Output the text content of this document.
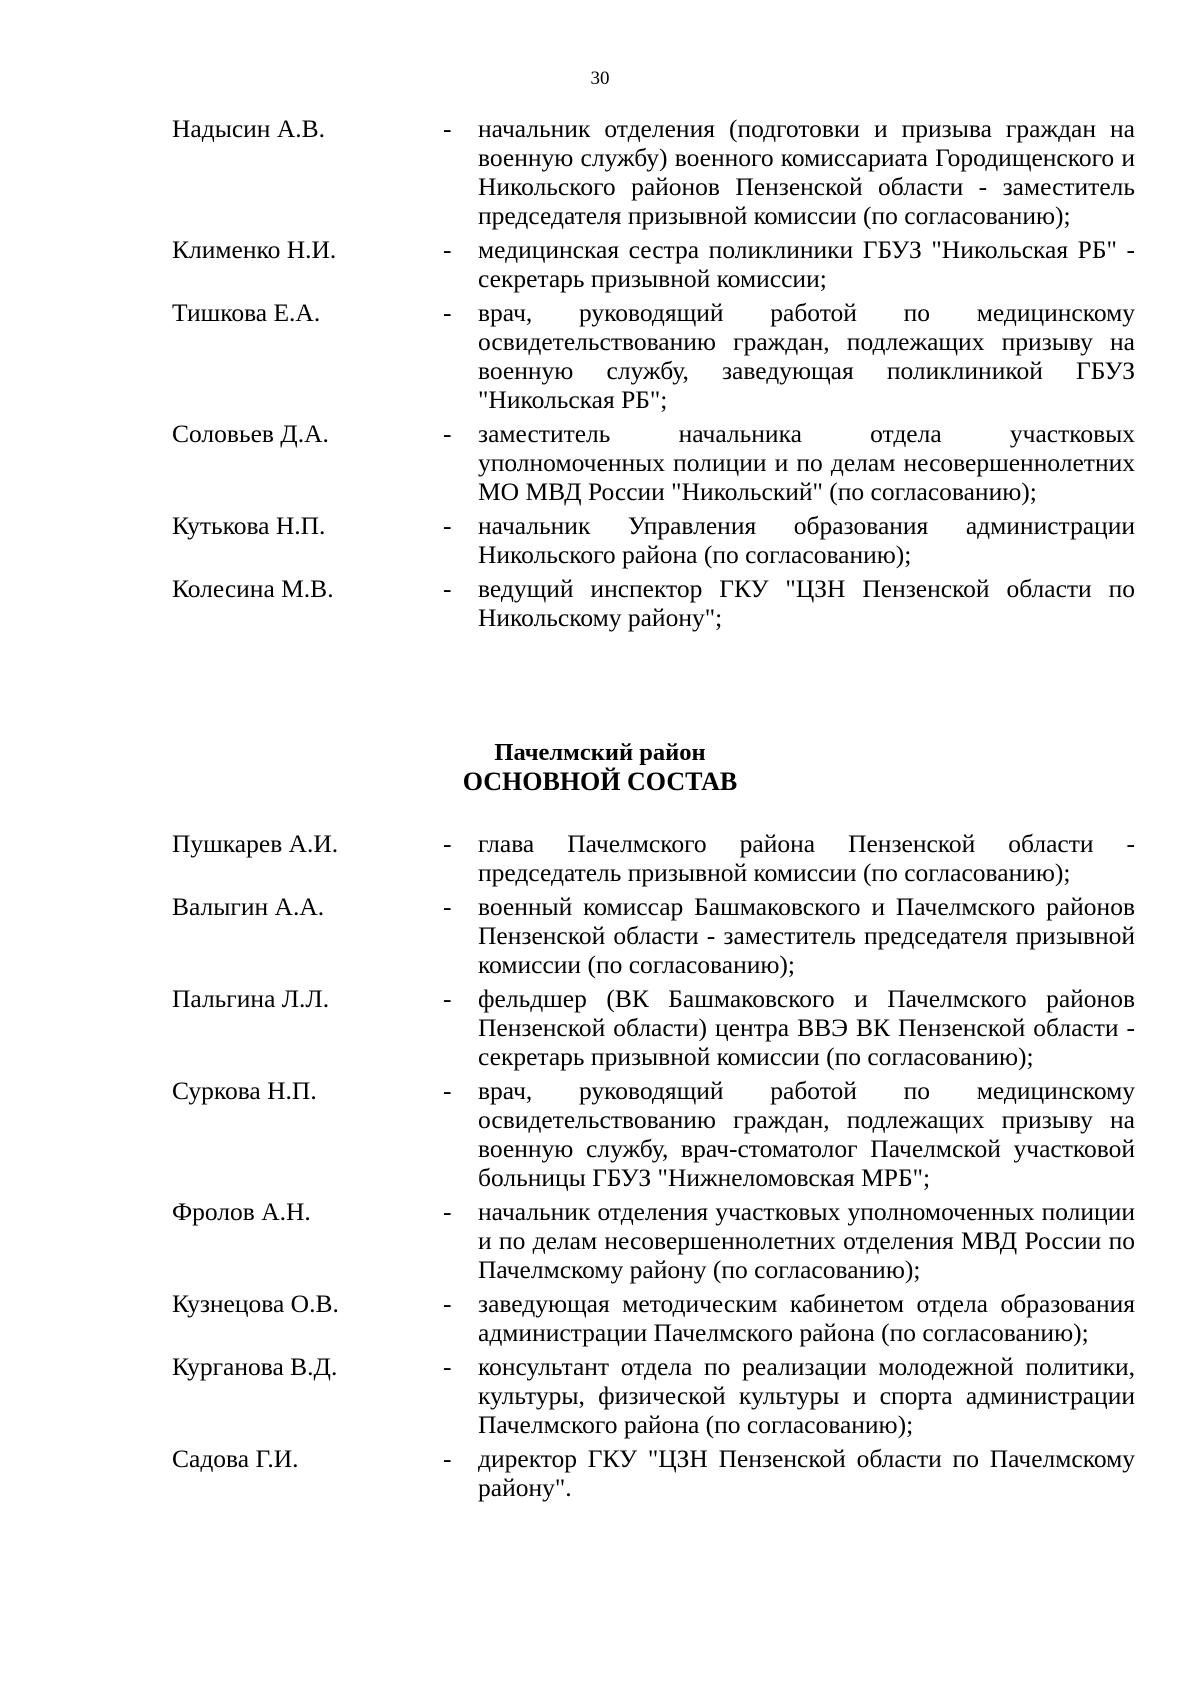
30
Надысин А.В.	- начальник отделения (подготовки и призыва граждан на военную службу) военного комиссариата Городищенского и Никольского районов Пензенской области - заместитель председателя призывной комиссии (по согласованию);
Клименко Н.И.	- медицинская сестра поликлиники ГБУЗ "Никольская РБ" - секретарь призывной комиссии;
Тишкова Е.А.	- врач, руководящий работой по медицинскому освидетельствованию граждан, подлежащих призыву на военную службу, заведующая поликлиникой ГБУЗ "Никольская РБ";
Соловьев Д.А.	- заместитель начальника отдела участковых уполномоченных полиции и по делам несовершеннолетних МО МВД России "Никольский" (по согласованию);
Кутькова Н.П.	- начальник Управления образования администрации Никольского района (по согласованию);
Колесина М.В.	- ведущий инспектор ГКУ "ЦЗН Пензенской области по Никольскому району";
Пачелмский район
ОСНОВНОЙ СОСТАВ
Пушкарев А.И.	- глава Пачелмского района Пензенской области - председатель призывной комиссии (по согласованию);
Валыгин А.А.	- военный комиссар Башмаковского и Пачелмского районов Пензенской области - заместитель председателя призывной комиссии (по согласованию);
Пальгина Л.Л.	- фельдшер (ВК Башмаковского и Пачелмского районов Пензенской области) центра ВВЭ ВК Пензенской области - секретарь призывной комиссии (по согласованию);
Суркова Н.П.	- врач, руководящий работой по медицинскому освидетельствованию граждан, подлежащих призыву на военную службу, врач-стоматолог Пачелмской участковой больницы ГБУЗ "Нижнеломовская МРБ";
Фролов А.Н.	- начальник отделения участковых уполномоченных полиции и по делам несовершеннолетних отделения МВД России по Пачелмскому району (по согласованию);
Кузнецова О.В.	- заведующая методическим кабинетом отдела образования администрации Пачелмского района (по согласованию);
Курганова В.Д.	- консультант отдела по реализации молодежной политики, культуры, физической культуры и спорта администрации Пачелмского района (по согласованию);
Садова Г.И.	- директор ГКУ "ЦЗН Пензенской области по Пачелмскому району".
